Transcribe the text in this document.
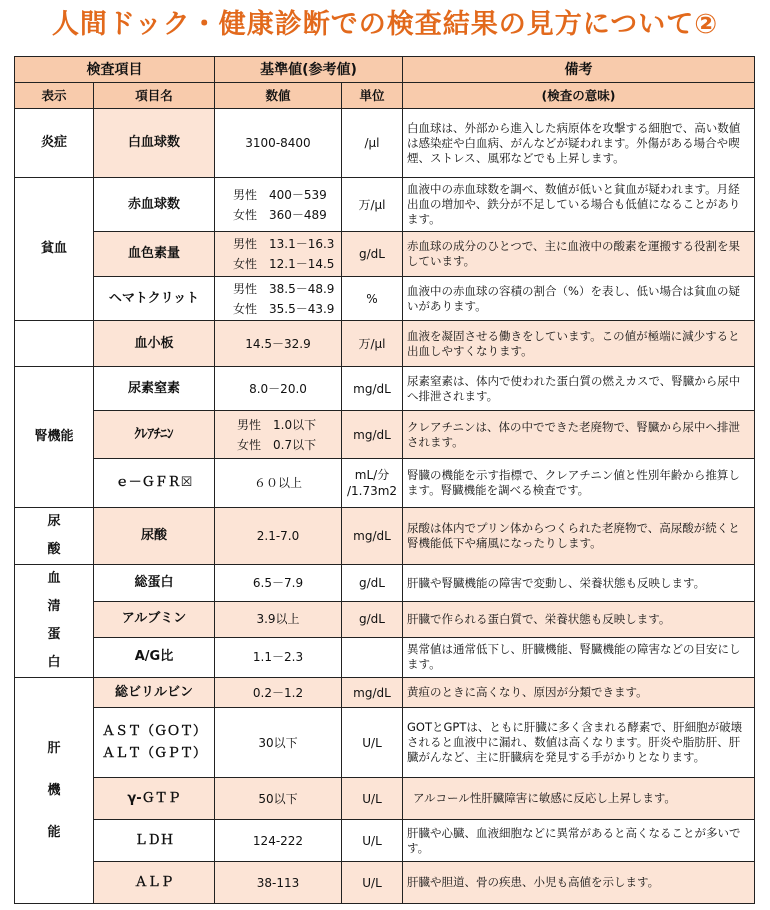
人間ドック・健康診断での検査結果の見方について②
検査項目		基準値(参考値)		備考
表示	項目名	数値	単位	(検査の意味)
炎症	白血球数	3100-8400	/μl	白血球は、外部から進入した病原体を攻撃する細胞で、高い数値は感染症や白血病、がんなどが疑われます。外傷がある場合や喫煙、ストレス、風邪などでも上昇します。
貧血	赤血球数	男性　400－539
女性　360－489	万/μl	血液中の赤血球数を調べ、数値が低いと貧血が疑われます。月経出血の増加や、鉄分が不足している場合も低値になることがあります。
	血色素量	男性　13.1－16.3
女性　12.1－14.5	g/dL	赤血球の成分のひとつで、主に血液中の酸素を運搬する役割を果しています。
	ヘマトクリット	男性　38.5－48.9
女性　35.5－43.9	%	血液中の赤血球の容積の割合（%）を表し、低い場合は貧血の疑いがあります。
	血小板	14.5－32.9	万/μl	血液を凝固させる働きをしています。この値が極端に減少すると出血しやすくなります。
腎機能	尿素窒素	8.0－20.0	mg/dL	尿素窒素は、体内で使われた蛋白質の燃えカスで、腎臓から尿中へ排泄されます。
	ｸﾚｱﾁﾆﾝ	男性　1.0以下
女性　0.7以下	mg/dL	クレアチニンは、体の中でできた老廃物で、腎臓から尿中へ排泄されます。
	ｅ－ＧＦＲ☒	６０以上	mL/分
/1.73m2	腎臓の機能を示す指標で、クレアチニン値と性別年齢から推算します。腎臓機能を調べる検査です。

尿
酸	尿酸	2.1-7.0	mg/dL	尿酸は体内でプリン体からつくられた老廃物で、高尿酸が続くと腎機能低下や痛風になったりします。

血
清
蛋
白	総蛋白	6.5－7.9	g/dL	肝臓や腎臓機能の障害で変動し、栄養状態も反映します。
	アルブミン	3.9以上	g/dL	肝臓で作られる蛋白質で、栄養状態も反映します。
	A/G比	1.1－2.3		異常値は通常低下し、肝臓機能、腎臓機能の障害などの目安にします。

肝
機
能	総ビリルビン	0.2－1.2	mg/dL	黄疸のときに高くなり、原因が分類できます。

	ＡＳＴ（ＧＯＴ）
ＡＬＴ（ＧＰＴ）	30以下	U/L	GOTとGPTは、ともに肝臓に多く含まれる酵素で、肝細胞が破壊されると血液中に漏れ、数値は高くなります。肝炎や脂肪肝、肝臓がんなど、主に肝臓病を発見する手がかりとなります。
	γ-ＧＴＰ	50以下	U/L	アルコール性肝臓障害に敏感に反応し上昇します。
	ＬＤＨ	124-222	U/L	肝臓や心臓、血液細胞などに異常があると高くなることが多いです。
	ＡＬＰ	38-113	U/L	肝臓や胆道、骨の疾患、小児も高値を示します。
